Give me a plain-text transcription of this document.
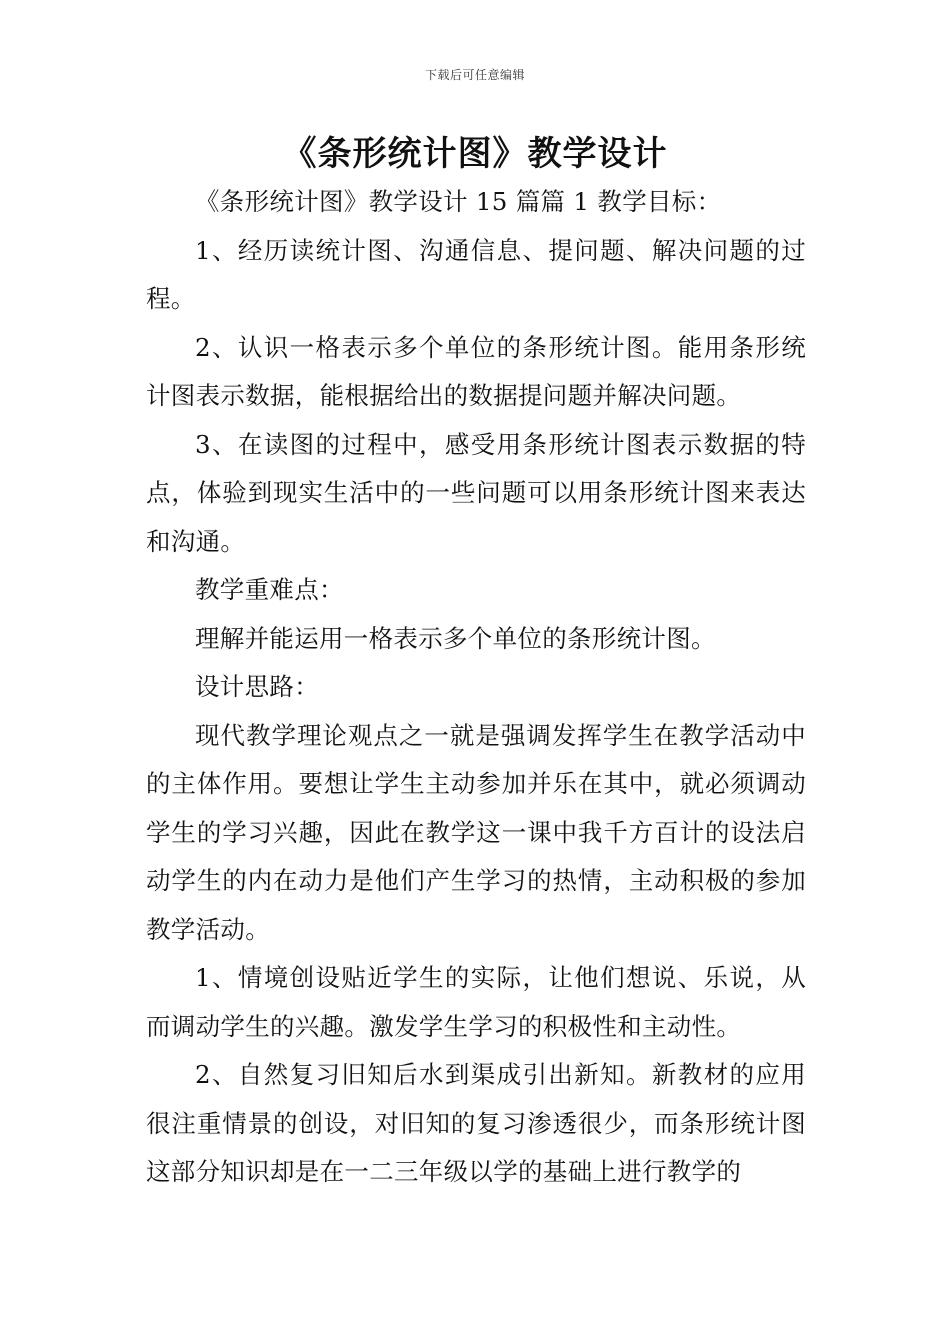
下载后可任意编辑
《条形统计图》教学设计

《条形统计图》教学设计 15 篇篇 1 教学目标：

1、经历读统计图、沟通信息、提问题、解决问题的过程。

2、认识一格表示多个单位的条形统计图。能用条形统计图表示数据，能根据给出的数据提问题并解决问题。

3、在读图的过程中，感受用条形统计图表示数据的特点，体验到现实生活中的一些问题可以用条形统计图来表达和沟通。

教学重难点：

理解并能运用一格表示多个单位的条形统计图。

设计思路：

现代教学理论观点之一就是强调发挥学生在教学活动中的主体作用。要想让学生主动参加并乐在其中，就必须调动学生的学习兴趣，因此在教学这一课中我千方百计的设法启动学生的内在动力是他们产生学习的热情，主动积极的参加教学活动。

1、情境创设贴近学生的实际，让他们想说、乐说，从而调动学生的兴趣。激发学生学习的积极性和主动性。

2、自然复习旧知后水到渠成引出新知。新教材的应用很注重情景的创设，对旧知的复习渗透很少，而条形统计图这部分知识却是在一二三年级以学的基础上进行教学的
